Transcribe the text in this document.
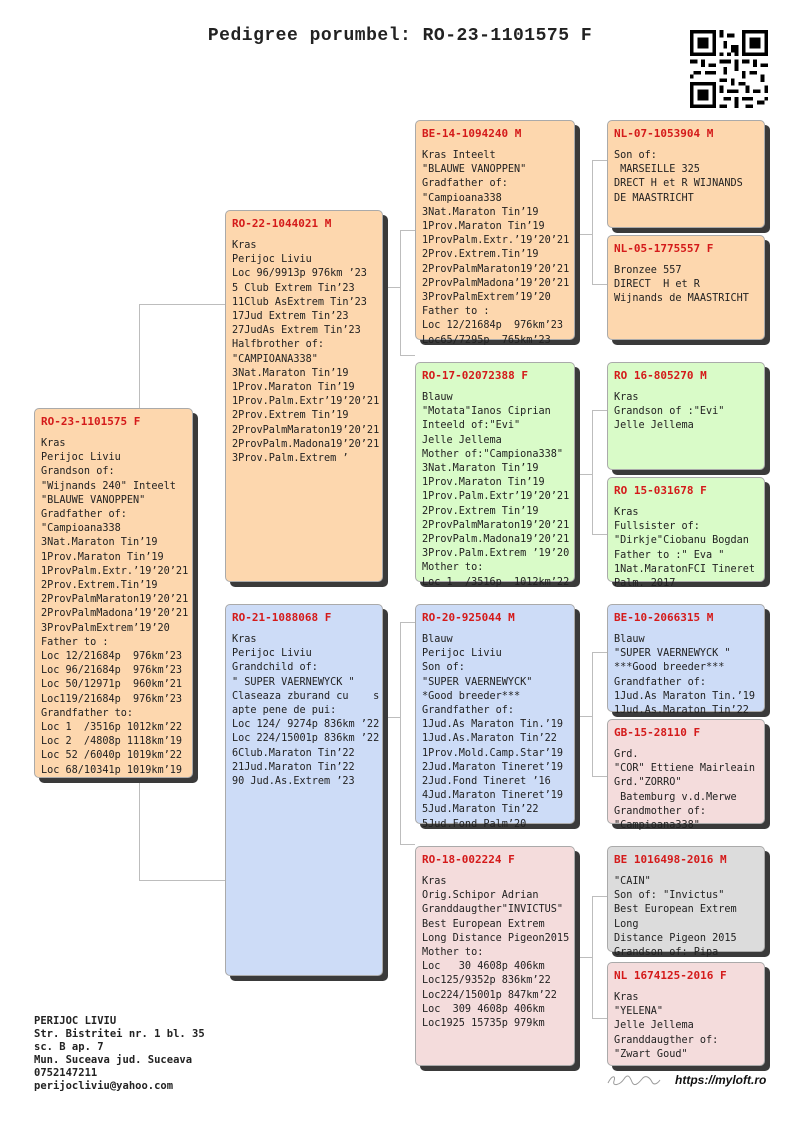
Pedigree porumbel: RO-23-1101575 F
RO-23-1101575 F
Kras
Perijoc Liviu
Grandson of:
"Wijnands 240" Inteelt
"BLAUWE VANOPPEN"
Gradfather of:
"Campioana338
3Nat.Maraton Tin’19
1Prov.Maraton Tin’19
1ProvPalm.Extr.’19’20’21
2Prov.Extrem.Tin’19
2ProvPalmMaraton19’20’21
2ProvPalmMadona’19’20’21
3ProvPalmExtrem’19’20
Father to :
Loc 12/21684p  976km’23
Loc 96/21684p  976km’23
Loc 50/12971p  960km’21
Loc119/21684p  976km’23
Grandfather to:
Loc 1  /3516p 1012km’22
Loc 2  /4808p 1118km’19
Loc 52 /6040p 1019km’22
Loc 68/10341p 1019km’19
RO-22-1044021 M
Kras
Perijoc Liviu
Loc 96/9913p 976km ’23
5 Club Extrem Tin’23
11Club AsExtrem Tin’23
17Jud Extrem Tin’23
27JudAs Extrem Tin’23
Halfbrother of:
"CAMPIOANA338"
3Nat.Maraton Tin’19
1Prov.Maraton Tin’19
1Prov.Palm.Extr’19’20’21
2Prov.Extrem Tin’19
2ProvPalmMaraton19’20’21
2ProvPalm.Madona19’20’21
3Prov.Palm.Extrem ’
RO-21-1088068 F
Kras
Perijoc Liviu
Grandchild of:
" SUPER VAERNEWYCK "
Claseaza zburand cu    s
apte pene de pui:
Loc 124/ 9274p 836km ’22
Loc 224/15001p 836km ’22
6Club.Maraton Tin’22
21Jud.Maraton Tin’22
90 Jud.As.Extrem ’23
BE-14-1094240 M
Kras Inteelt
"BLAUWE VANOPPEN"
Gradfather of:
"Campioana338
3Nat.Maraton Tin’19
1Prov.Maraton Tin’19
1ProvPalm.Extr.’19’20’21
2Prov.Extrem.Tin’19
2ProvPalmMaraton19’20’21
2ProvPalmMadona’19’20’21
3ProvPalmExtrem’19’20
Father to :
Loc 12/21684p  976km’23
Loc65/7295p  765km’23
RO-17-02072388 F
Blauw
"Motata"Ianos Ciprian
Inteeld of:"Evi"
Jelle Jellema
Mother of:"Campiona338"
3Nat.Maraton Tin’19
1Prov.Maraton Tin’19
1Prov.Palm.Extr’19’20’21
2Prov.Extrem Tin’19
2ProvPalmMaraton19’20’21
2ProvPalm.Madona19’20’21
3Prov.Palm.Extrem ’19’20
Mother to:
Loc 1  /3516p  1012km’22
RO-20-925044 M
Blauw
Perijoc Liviu
Son of:
"SUPER VAERNEWYCK"
*Good breeder***
Grandfather of:
1Jud.As Maraton Tin.’19
1Jud.As.Maraton Tin’22
1Prov.Mold.Camp.Star’19
2Jud.Maraton Tineret’19
2Jud.Fond Tineret ’16
4Jud.Maraton Tineret’19
5Jud.Maraton Tin’22
5Jud.Fond Palm’20
RO-18-002224 F
Kras
Orig.Schipor Adrian
Granddaugther"INVICTUS"
Best European Extrem
Long Distance Pigeon2015
Mother to:
Loc   30 4608p 406km
Loc125/9352p 836km’22
Loc224/15001p 847km’22
Loc  309 4608p 406km
Loc1925 15735p 979km
NL-07-1053904 M
Son of:
MARSEILLE 325
DRECT H et R WIJNANDS
DE MAASTRICHT
NL-05-1775557 F
Bronzee 557
DIRECT  H et R
Wijnands de MAASTRICHT
RO 16-805270 M
Kras
Grandson of :"Evi"
Jelle Jellema
RO 15-031678 F
Kras
Fullsister of:
"Dirkje"Ciobanu Bogdan
Father to :" Eva "
1Nat.MaratonFCI Tineret
Palm. 2017
BE-10-2066315 M
Blauw
"SUPER VAERNEWYCK "
***Good breeder***
Grandfather of:
1Jud.As Maraton Tin.’19
1Jud.As.Maraton Tin’22
GB-15-28110 F
Grd.
"COR" Ettiene Mairleain
Grd."ZORRO"
Batemburg v.d.Merwe
Grandmother of:
"Campioana338"
BE 1016498-2016 M
"CAIN"
Son of: "Invictus"
Best European Extrem
Long
Distance Pigeon 2015
Grandson of: Pipa
NL 1674125-2016 F
Kras
"YELENA"
Jelle Jellema
Granddaugther of:
"Zwart Goud"
PERIJOC LIVIU
Str. Bistritei nr. 1 bl. 35
sc. B ap. 7
Mun. Suceava jud. Suceava
0752147211
perijocliviu@yahoo.com	https://myloft.ro
